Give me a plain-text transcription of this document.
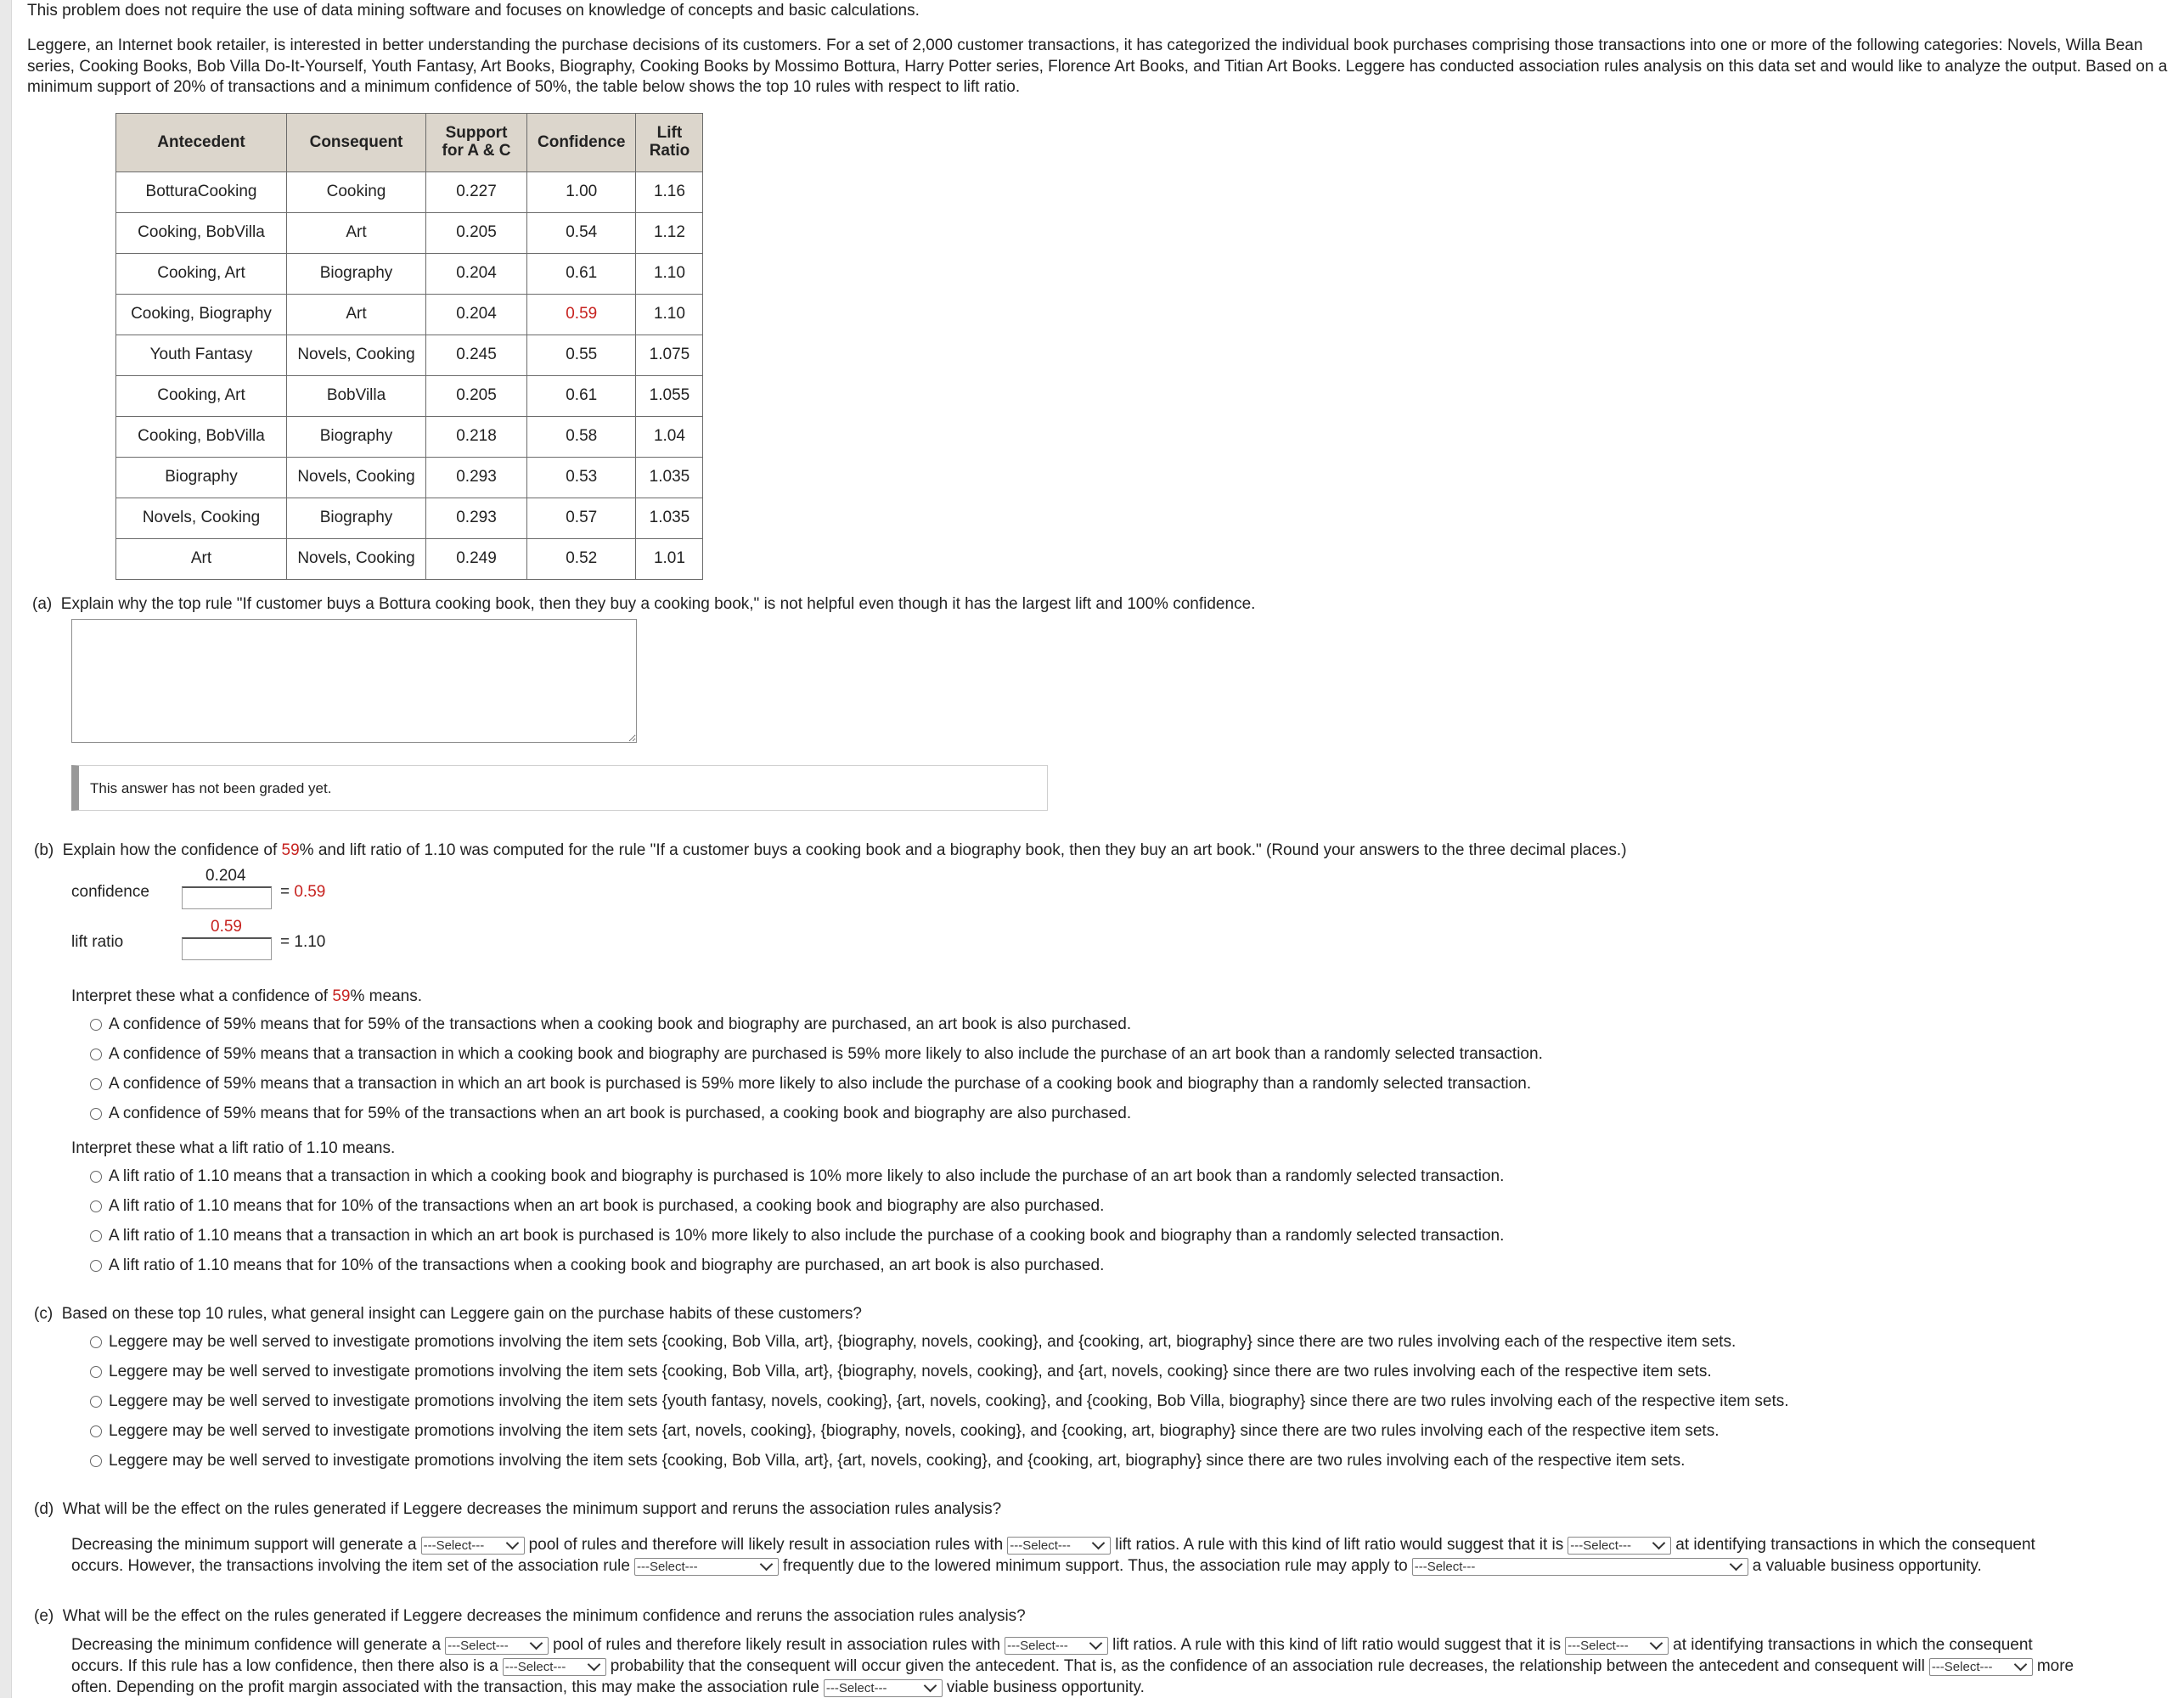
This problem does not require the use of data mining software and focuses on knowledge of concepts and basic calculations.

Leggere, an Internet book retailer, is interested in better understanding the purchase decisions of its customers. For a set of 2,000 customer transactions, it has categorized the individual book purchases comprising those transactions into one or more of the following categories: Novels, Willa Bean series, Cooking Books, Bob Villa Do-It-Yourself, Youth Fantasy, Art Books, Biography, Cooking Books by Mossimo Bottura, Harry Potter series, Florence Art Books, and Titian Art Books. Leggere has conducted association rules analysis on this data set and would like to analyze the output. Based on a minimum support of 20% of transactions and a minimum confidence of 50%, the table below shows the top 10 rules with respect to lift ratio.

Antecedent	Consequent	Support for A & C	Confidence	Lift Ratio
BotturaCooking	Cooking	0.227	1.00	1.16
Cooking, BobVilla	Art	0.205	0.54	1.12
Cooking, Art	Biography	0.204	0.61	1.10
Cooking, Biography	Art	0.204	0.59	1.10
Youth Fantasy	Novels, Cooking	0.245	0.55	1.075
Cooking, Art	BobVilla	0.205	0.61	1.055
Cooking, BobVilla	Biography	0.218	0.58	1.04
Biography	Novels, Cooking	0.293	0.53	1.035
Novels, Cooking	Biography	0.293	0.57	1.035
Art	Novels, Cooking	0.249	0.52	1.01

(a)  Explain why the top rule "If customer buys a Bottura cooking book, then they buy a cooking book," is not helpful even though it has the largest lift and 100% confidence.

This answer has not been graded yet.

(b)  Explain how the confidence of 59% and lift ratio of 1.10 was computed for the rule "If a customer buys a cooking book and a biography book, then they buy an art book." (Round your answers to the three decimal places.)

confidence
0.204
= 0.59
lift ratio
0.59
= 1.10

Interpret these what a confidence of 59% means.

A confidence of 59% means that for 59% of the transactions when a cooking book and biography are purchased, an art book is also purchased.
A confidence of 59% means that a transaction in which a cooking book and biography are purchased is 59% more likely to also include the purchase of an art book than a randomly selected transaction.
A confidence of 59% means that a transaction in which an art book is purchased is 59% more likely to also include the purchase of a cooking book and biography than a randomly selected transaction.
A confidence of 59% means that for 59% of the transactions when an art book is purchased, a cooking book and biography are also purchased.

Interpret these what a lift ratio of 1.10 means.

A lift ratio of 1.10 means that a transaction in which a cooking book and biography is purchased is 10% more likely to also include the purchase of an art book than a randomly selected transaction.
A lift ratio of 1.10 means that for 10% of the transactions when an art book is purchased, a cooking book and biography are also purchased.
A lift ratio of 1.10 means that a transaction in which an art book is purchased is 10% more likely to also include the purchase of a cooking book and biography than a randomly selected transaction.
A lift ratio of 1.10 means that for 10% of the transactions when a cooking book and biography are purchased, an art book is also purchased.

(c)  Based on these top 10 rules, what general insight can Leggere gain on the purchase habits of these customers?

Leggere may be well served to investigate promotions involving the item sets {cooking, Bob Villa, art}, {biography, novels, cooking}, and {cooking, art, biography} since there are two rules involving each of the respective item sets.
Leggere may be well served to investigate promotions involving the item sets {cooking, Bob Villa, art}, {biography, novels, cooking}, and {art, novels, cooking} since there are two rules involving each of the respective item sets.
Leggere may be well served to investigate promotions involving the item sets {youth fantasy, novels, cooking}, {art, novels, cooking}, and {cooking, Bob Villa, biography} since there are two rules involving each of the respective item sets.
Leggere may be well served to investigate promotions involving the item sets {art, novels, cooking}, {biography, novels, cooking}, and {cooking, art, biography} since there are two rules involving each of the respective item sets.
Leggere may be well served to investigate promotions involving the item sets {cooking, Bob Villa, art}, {art, novels, cooking}, and {cooking, art, biography} since there are two rules involving each of the respective item sets.

(d)  What will be the effect on the rules generated if Leggere decreases the minimum support and reruns the association rules analysis?

Decreasing the minimum support will generate a ---Select---	pool of rules and therefore will likely result in association rules with ---Select---	lift ratios. A rule with this kind of lift ratio would suggest that it is ---Select---	at identifying transactions in which the consequent
occurs. However, the transactions involving the item set of the association rule ---Select---	frequently due to the lowered minimum support. Thus, the association rule may apply to ---Select---	a valuable business opportunity.

(e)  What will be the effect on the rules generated if Leggere decreases the minimum confidence and reruns the association rules analysis?

Decreasing the minimum confidence will generate a ---Select---	pool of rules and therefore likely result in association rules with ---Select---	lift ratios. A rule with this kind of lift ratio would suggest that it is ---Select---	at identifying transactions in which the consequent
occurs. If this rule has a low confidence, then there also is a ---Select---	probability that the consequent will occur given the antecedent. That is, as the confidence of an association rule decreases, the relationship between the antecedent and consequent will ---Select---	more
often. Depending on the profit margin associated with the transaction, this may make the association rule ---Select---	viable business opportunity.
